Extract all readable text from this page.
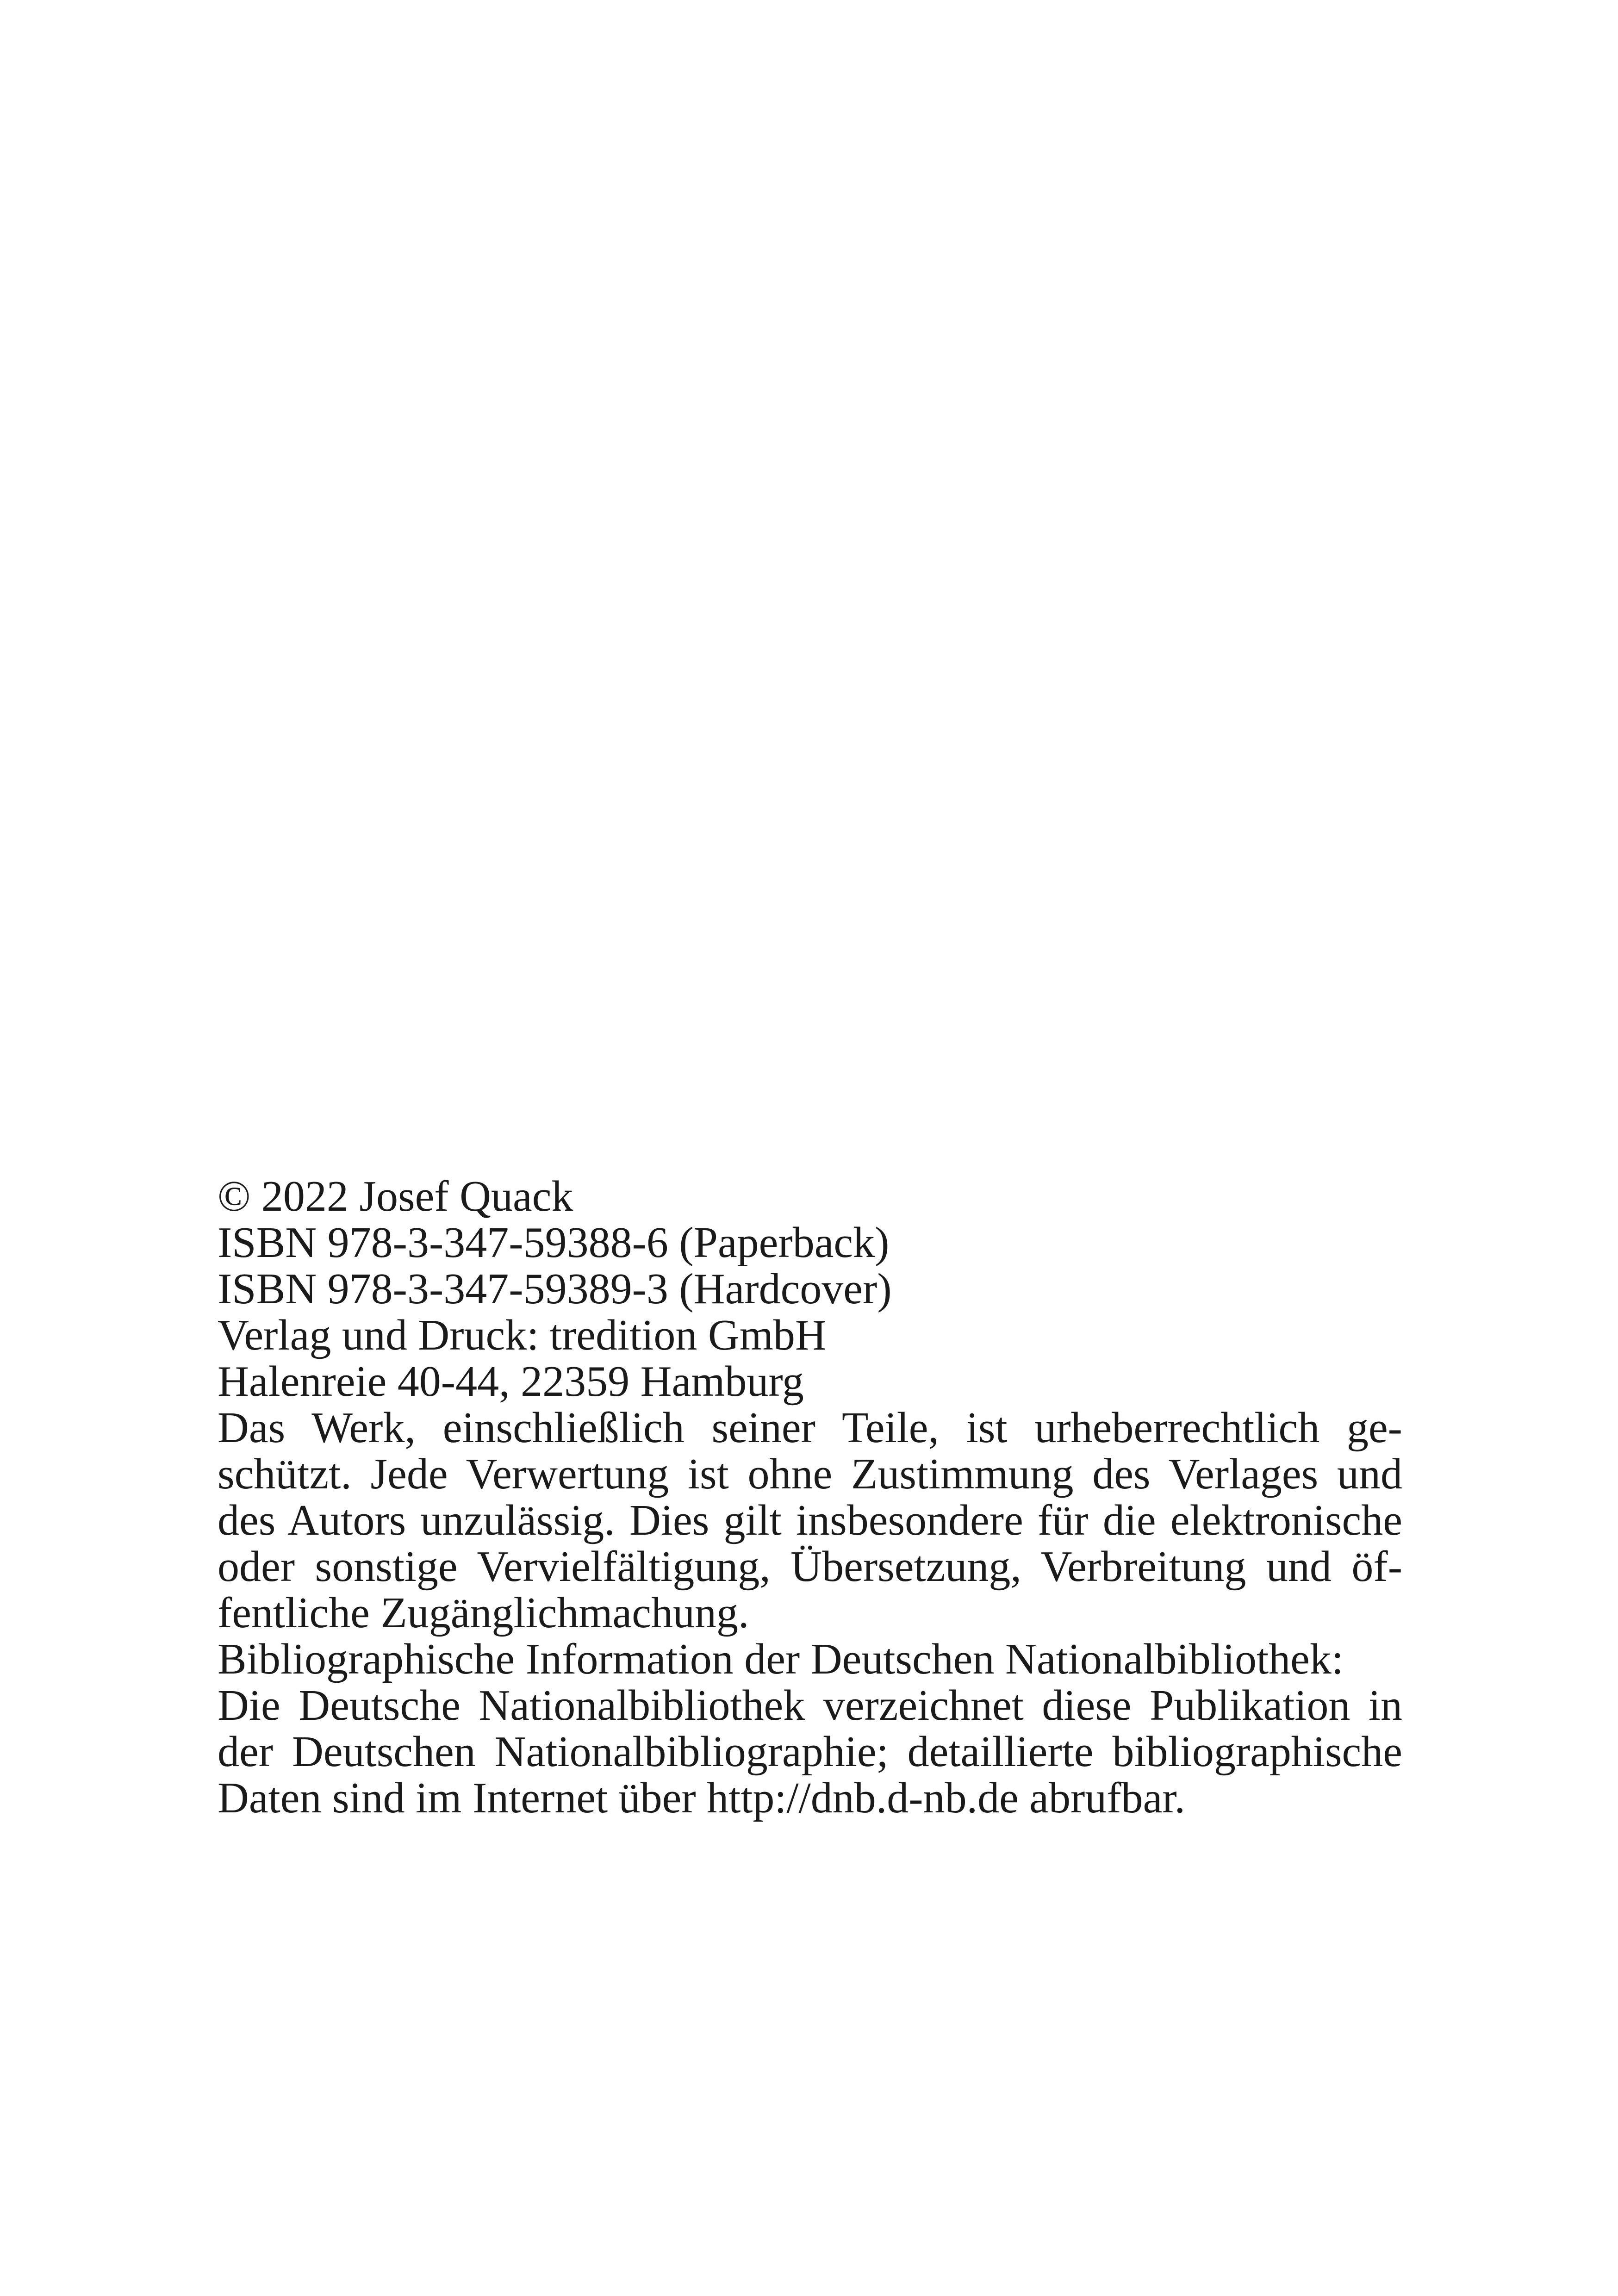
© 2022 Josef Quack
ISBN 978-3-347-59388-6 (Paperback)
ISBN 978-3-347-59389-3 (Hardcover)
Verlag und Druck: tredition GmbH
Halenreie 40-44, 22359 Hamburg

Das Werk, einschließlich seiner Teile, ist urheberrechtlich ge-
schützt. Jede Verwertung ist ohne Zustimmung des Verlages und
des Autors unzulässig. Dies gilt insbesondere für die elektronische
oder sonstige Vervielfältigung, Übersetzung, Verbreitung und öf-
fentliche Zugänglichmachung.

Bibliographische Information der Deutschen Nationalbibliothek:
Die Deutsche Nationalbibliothek verzeichnet diese Publikation in
der Deutschen Nationalbibliographie; detaillierte bibliographische
Daten sind im Internet über http://dnb.d-nb.de abrufbar.
